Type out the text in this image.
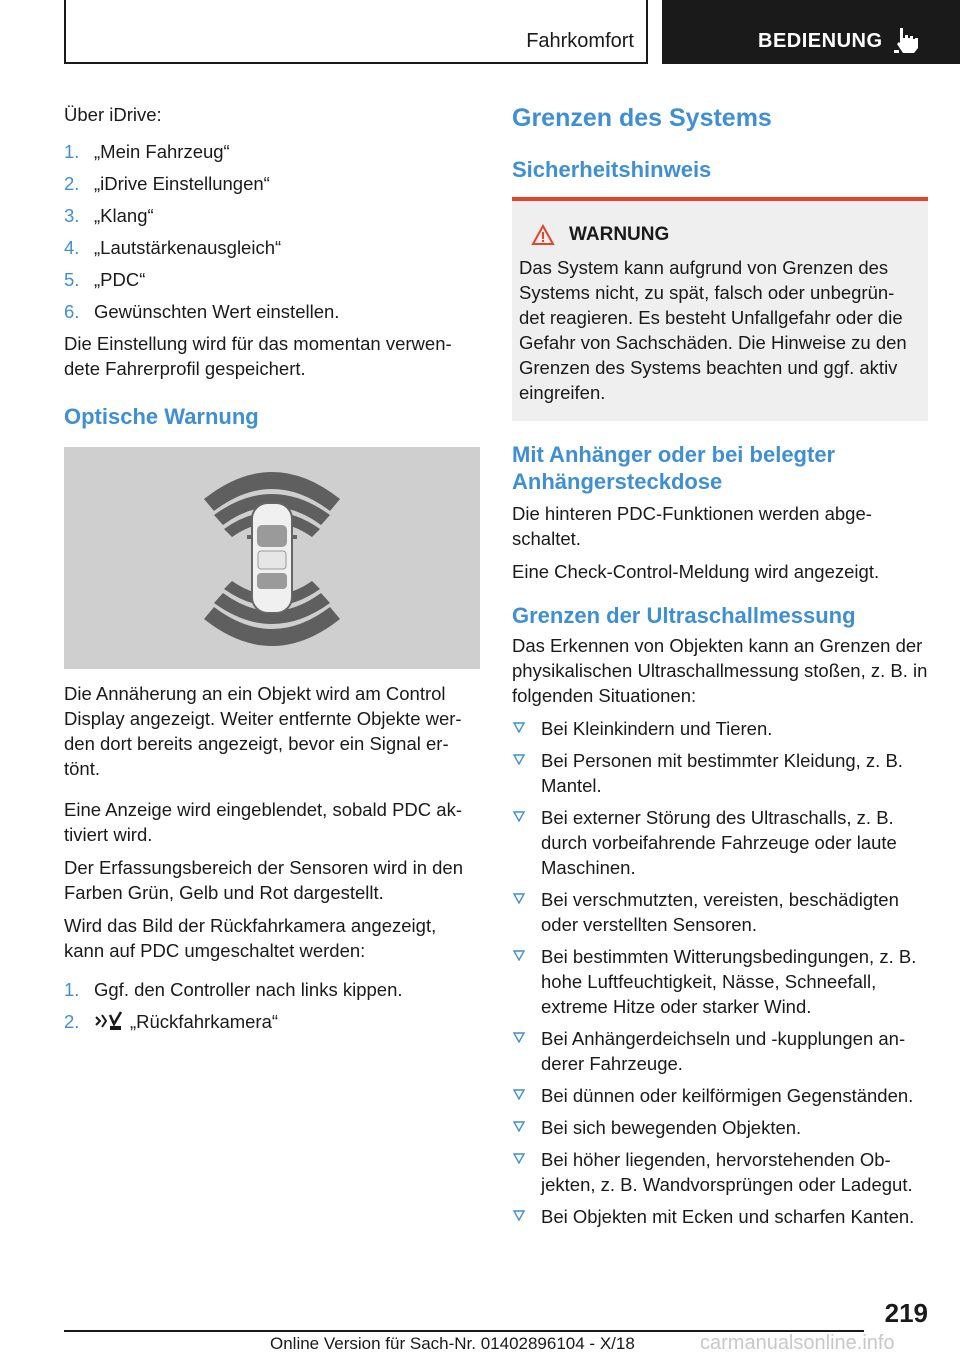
Fahrkomfort	BEDIENUNG

Über iDrive:

1. „Mein Fahrzeug“
2. „iDrive Einstellungen“
3. „Klang“
4. „Lautstärkenausgleich“
5. „PDC“
6. Gewünschten Wert einstellen.

Die Einstellung wird für das momentan verwen-dete Fahrerprofil gespeichert.

Optische Warnung

Die Annäherung an ein Objekt wird am Control Display angezeigt. Weiter entfernte Objekte wer-den dort bereits angezeigt, bevor ein Signal er-tönt.

Eine Anzeige wird eingeblendet, sobald PDC ak-tiviert wird.

Der Erfassungsbereich der Sensoren wird in den Farben Grün, Gelb und Rot dargestellt.

Wird das Bild der Rückfahrkamera angezeigt, kann auf PDC umgeschaltet werden:

1. Ggf. den Controller nach links kippen.
2.	„Rückfahrkamera“
Grenzen des Systems
Sicherheitshinweis
WARNUNG

Das System kann aufgrund von Grenzen des Systems nicht, zu spät, falsch oder unbegrün-det reagieren. Es besteht Unfallgefahr oder die Gefahr von Sachschäden. Die Hinweise zu den Grenzen des Systems beachten und ggf. aktiv eingreifen.

Mit Anhänger oder bei belegter Anhängersteckdose

Die hinteren PDC-Funktionen werden abge-schaltet.

Eine Check-Control-Meldung wird angezeigt.

Grenzen der Ultraschallmessung

Das Erkennen von Objekten kann an Grenzen der physikalischen Ultraschallmessung stoßen, z. B. in folgenden Situationen:

Bei Kleinkindern und Tieren.
Bei Personen mit bestimmter Kleidung, z. B. Mantel.
Bei externer Störung des Ultraschalls, z. B. durch vorbeifahrende Fahrzeuge oder laute Maschinen.
Bei verschmutzten, vereisten, beschädigten oder verstellten Sensoren.
Bei bestimmten Witterungsbedingungen, z. B. hohe Luftfeuchtigkeit, Nässe, Schneefall, extreme Hitze oder starker Wind.
Bei Anhängerdeichseln und -kupplungen an-derer Fahrzeuge.
Bei dünnen oder keilförmigen Gegenständen.
Bei sich bewegenden Objekten.
Bei höher liegenden, hervorstehenden Ob-jekten, z. B. Wandvorsprüngen oder Ladegut.
Bei Objekten mit Ecken und scharfen Kanten.
219
Online Version für Sach-Nr. 01402896104 - X/18	carmanualsonline.info
